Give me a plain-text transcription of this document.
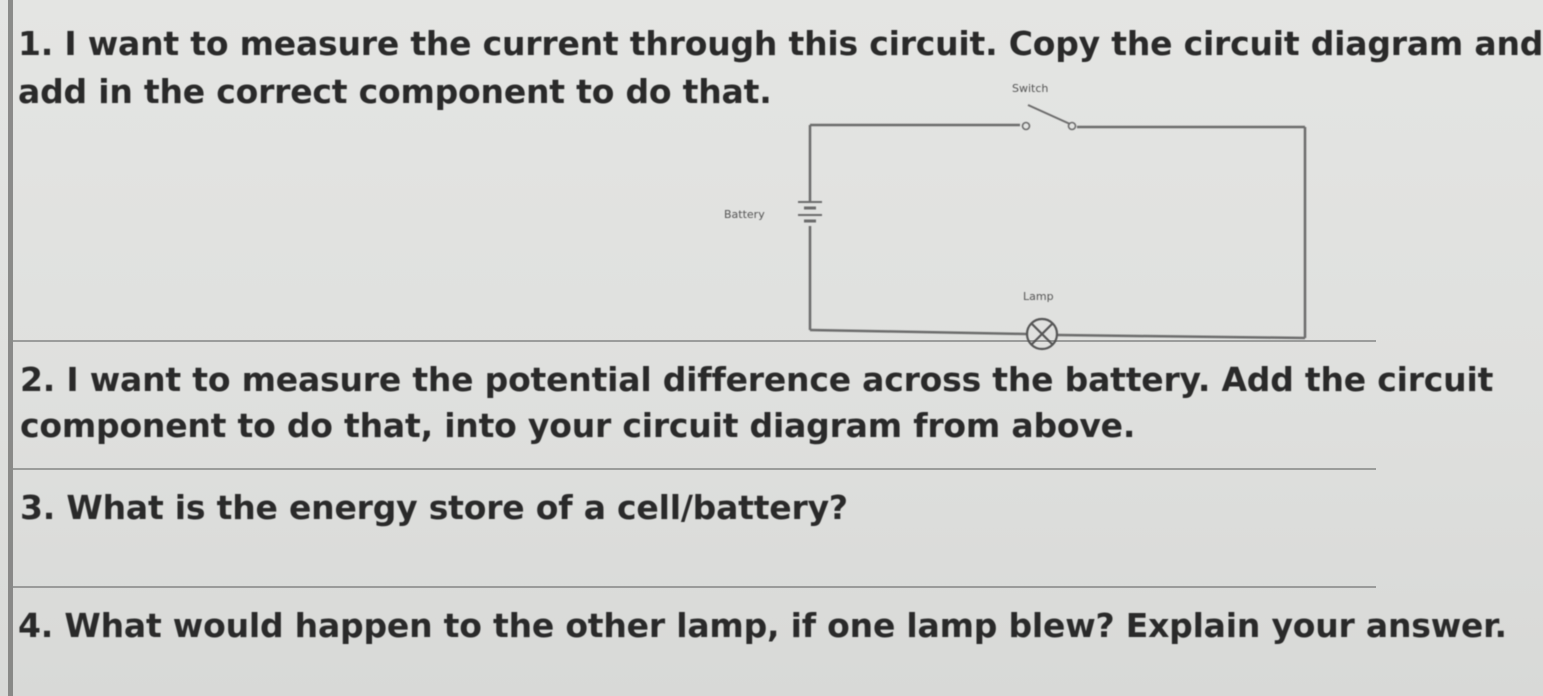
1. I want to measure the current through this circuit. Copy the circuit diagram and
add in the correct component to do that.
2. I want to measure the potential difference across the battery. Add the circuit
component to do that, into your circuit diagram from above.
3. What is the energy store of a cell/battery?
4. What would happen to the other lamp, if one lamp blew? Explain your answer.
Switch
Battery
Lamp
